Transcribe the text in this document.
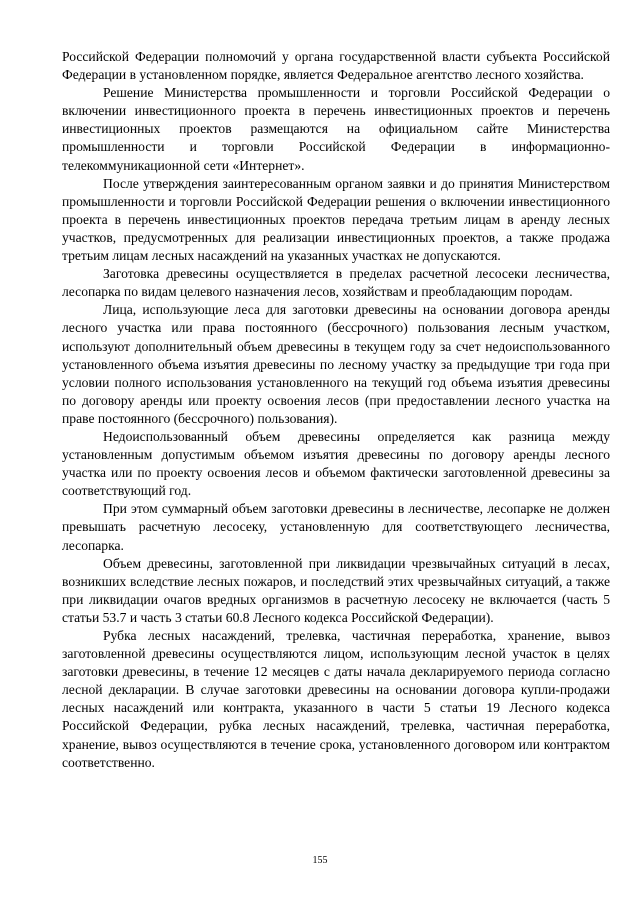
Российской Федерации полномочий у органа государственной власти субъекта Российской Федерации в установленном порядке, является Федеральное агентство лесного хозяйства.

Решение Министерства промышленности и торговли Российской Федерации о включении инвестиционного проекта в перечень инвестиционных проектов и перечень инвестиционных проектов размещаются на официальном сайте Министерства промышленности и торговли Российской Федерации в информационно-телекоммуникационной сети «Интернет».

После утверждения заинтересованным органом заявки и до принятия Министерством промышленности и торговли Российской Федерации решения о включении инвестиционного проекта в перечень инвестиционных проектов передача третьим лицам в аренду лесных участков, предусмотренных для реализации инвестиционных проектов, а также продажа третьим лицам лесных насаждений на указанных участках не допускаются.

Заготовка древесины осуществляется в пределах расчетной лесосеки лесничества, лесопарка по видам целевого назначения лесов, хозяйствам и преобладающим породам.

Лица, использующие леса для заготовки древесины на основании договора аренды лесного участка или права постоянного (бессрочного) пользования лесным участком, используют дополнительный объем древесины в текущем году за счет недоиспользованного установленного объема изъятия древесины по лесному участку за предыдущие три года при условии полного использования установленного на текущий год объема изъятия древесины по договору аренды или проекту освоения лесов (при предоставлении лесного участка на праве постоянного (бессрочного) пользования).

Недоиспользованный объем древесины определяется как разница между установленным допустимым объемом изъятия древесины по договору аренды лесного участка или по проекту освоения лесов и объемом фактически заготовленной древесины за соответствующий год.

При этом суммарный объем заготовки древесины в лесничестве, лесопарке не должен превышать расчетную лесосеку, установленную для соответствующего лесничества, лесопарка.

Объем древесины, заготовленной при ликвидации чрезвычайных ситуаций в лесах, возникших вследствие лесных пожаров, и последствий этих чрезвычайных ситуаций, а также при ликвидации очагов вредных организмов в расчетную лесосеку не включается (часть 5 статьи 53.7 и часть 3 статьи 60.8 Лесного кодекса Российской Федерации).

Рубка лесных насаждений, трелевка, частичная переработка, хранение, вывоз заготовленной древесины осуществляются лицом, использующим лесной участок в целях заготовки древесины, в течение 12 месяцев с даты начала декларируемого периода согласно лесной декларации. В случае заготовки древесины на основании договора купли-продажи лесных насаждений или контракта, указанного в части 5 статьи 19 Лесного кодекса Российской Федерации, рубка лесных насаждений, трелевка, частичная переработка, хранение, вывоз осуществляются в течение срока, установленного договором или контрактом соответственно.

155
